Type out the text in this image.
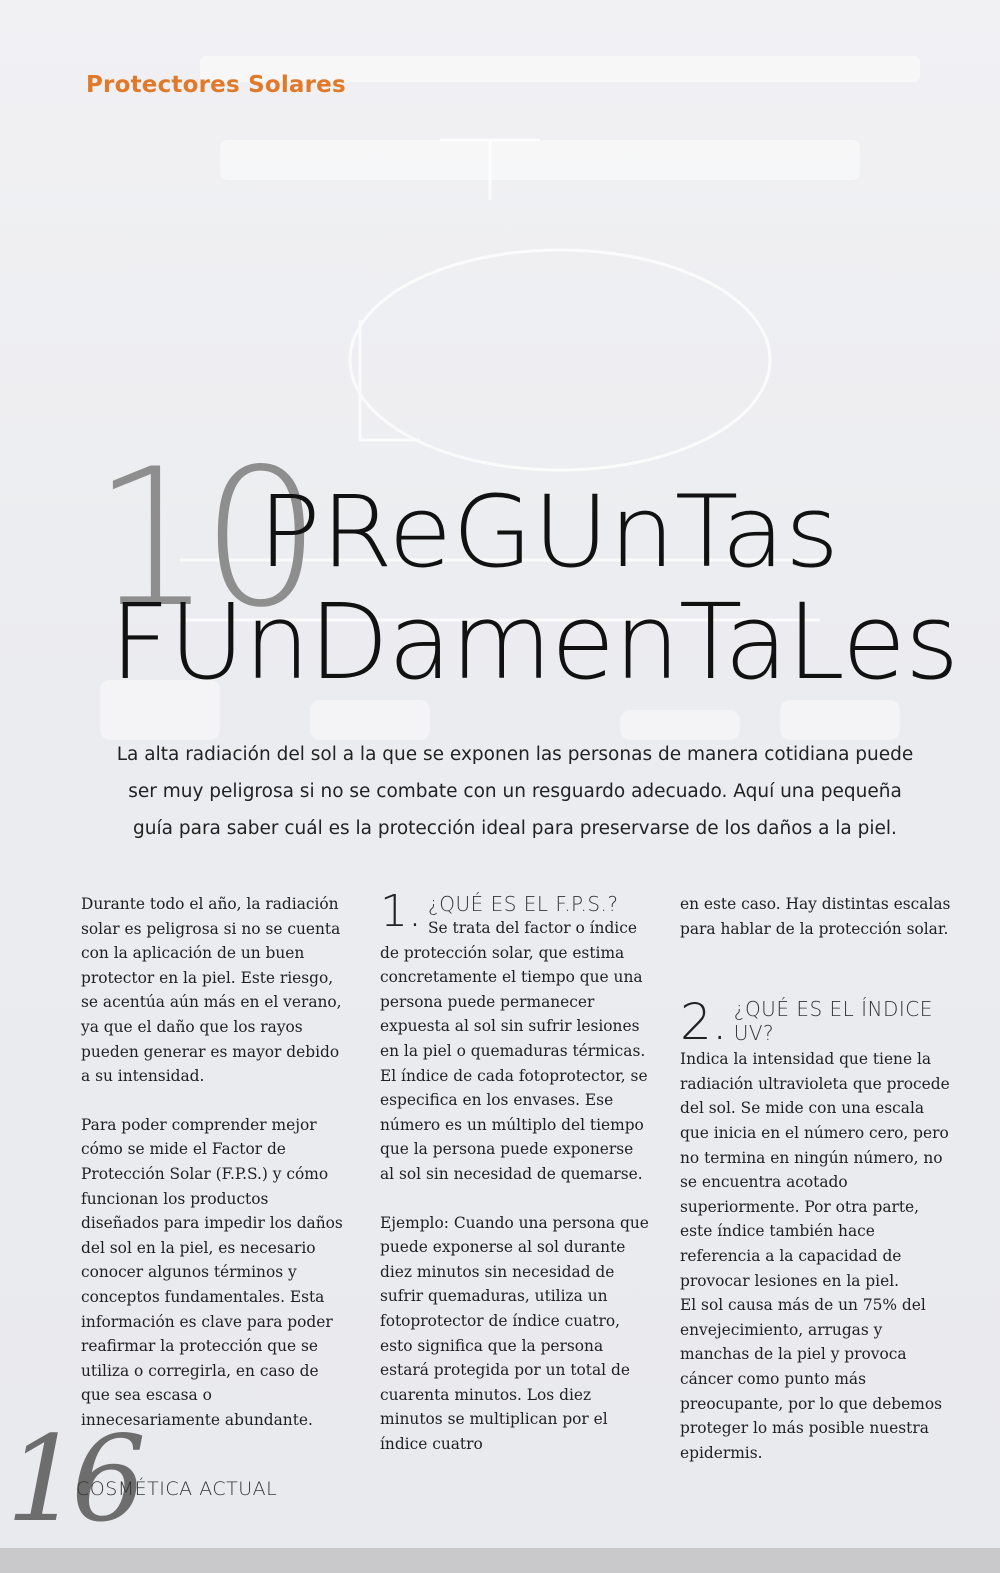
Protectores Solares
10
PReGUnTas
FUnDamenTaLes
La alta radiación del sol a la que se exponen las personas de manera cotidiana puede ser muy peligrosa si no se combate con un resguardo adecuado. Aquí una pequeña guía para saber cuál es la protección ideal para preservarse de los daños a la piel.

Durante todo el año, la radiación solar es peligrosa si no se cuenta con la aplicación de un buen protector en la piel. Este riesgo, se acentúa aún más en el verano, ya que el daño que los rayos pueden generar es mayor debido a su intensidad.

Para poder comprender mejor cómo se mide el Factor de Protección Solar (F.P.S.) y cómo funcionan los productos diseñados para impedir los daños del sol en la piel, es necesario conocer algunos términos y conceptos fundamentales. Esta información es clave para poder reafirmar la protección que se utiliza o corregirla, en caso de que sea escasa o innecesariamente abundante.

1. ¿QUÉ ES EL F.P.S.?

Se trata del factor o índice de protección solar, que estima concretamente el tiempo que una persona puede permanecer expuesta al sol sin sufrir lesiones en la piel o quemaduras térmicas. El índice de cada fotoprotector, se especifica en los envases. Ese número es un múltiplo del tiempo que la persona puede exponerse al sol sin necesidad de quemarse.

Ejemplo: Cuando una persona que puede exponerse al sol durante diez minutos sin necesidad de sufrir quemaduras, utiliza un fotoprotector de índice cuatro, esto significa que la persona estará protegida por un total de cuarenta minutos. Los diez minutos se multiplican por el índice cuatro

en este caso. Hay distintas escalas para hablar de la protección solar.

2. ¿QUÉ ES EL ÍNDICE UV?

Indica la intensidad que tiene la radiación ultravioleta que procede del sol. Se mide con una escala que inicia en el número cero, pero no termina en ningún número, no se encuentra acotado superiormente. Por otra parte, este índice también hace referencia a la capacidad de provocar lesiones en la piel.

El sol causa más de un 75% del envejecimiento, arrugas y manchas de la piel y provoca cáncer como punto más preocupante, por lo que debemos proteger lo más posible nuestra epidermis.

16
COSMÉTICA ACTUAL
